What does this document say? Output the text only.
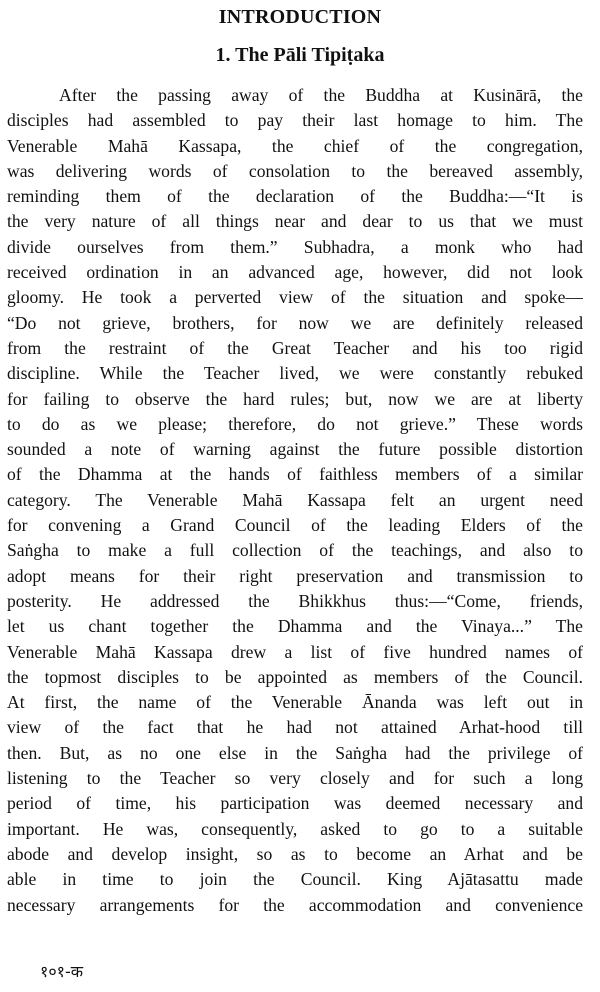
INTRODUCTION
1. The Pāli Tipiṭaka
After the passing away of the Buddha at Kusinārā, the
disciples had assembled to pay their last homage to him. The
Venerable Mahā Kassapa, the chief of the congregation,
was delivering words of consolation to the bereaved assembly,
reminding them of the declaration of the Buddha:—“It is
the very nature of all things near and dear to us that we must
divide ourselves from them.” Subhadra, a monk who had
received ordination in an advanced age, however, did not look
gloomy. He took a perverted view of the situation and spoke—
“Do not grieve, brothers, for now we are definitely released
from the restraint of the Great Teacher and his too rigid
discipline. While the Teacher lived, we were constantly rebuked
for failing to observe the hard rules; but, now we are at liberty
to do as we please; therefore, do not grieve.” These words
sounded a note of warning against the future possible distortion
of the Dhamma at the hands of faithless members of a similar
category. The Venerable Mahā Kassapa felt an urgent need
for convening a Grand Council of the leading Elders of the
Saṅgha to make a full collection of the teachings, and also to
adopt means for their right preservation and transmission to
posterity. He addressed the Bhikkhus thus:—“Come, friends,
let us chant together the Dhamma and the Vinaya...” The
Venerable Mahā Kassapa drew a list of five hundred names of
the topmost disciples to be appointed as members of the Council.
At first, the name of the Venerable Ānanda was left out in
view of the fact that he had not attained Arhat-hood till
then. But, as no one else in the Saṅgha had the privilege of
listening to the Teacher so very closely and for such a long
period of time, his participation was deemed necessary and
important. He was, consequently, asked to go to a suitable
abode and develop insight, so as to become an Arhat and be
able in time to join the Council. King Ajātasattu made
necessary arrangements for the accommodation and convenience
१०१-क
